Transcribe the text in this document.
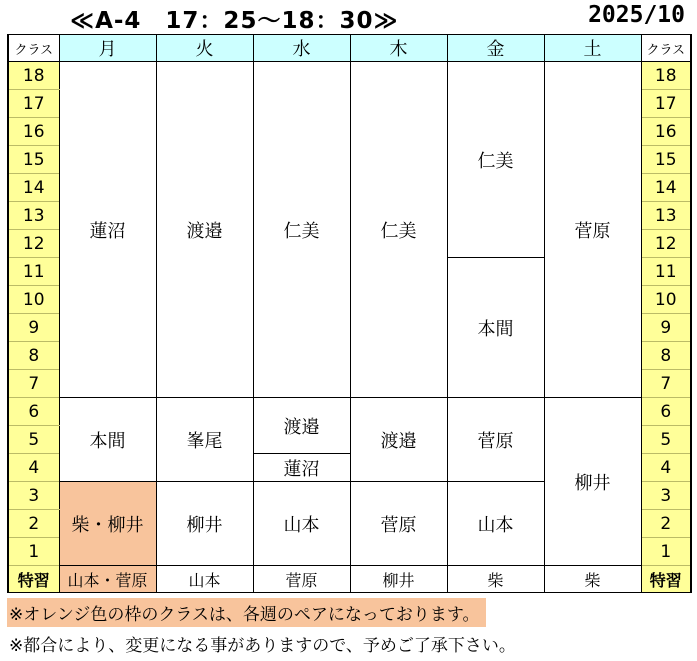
≪A-4　17：25〜18：30≫	2025/10
クラス	月	火	水	木	金	土	クラス
18	蓮沼	渡邉	仁美	仁美	仁美	菅原	18
17							17
16							16
15							15
14							14
13							13
12							12
11					本間		11
10							10
9							9
8							8
7							7
6	本間	峯尾	渡邉	渡邉	菅原	柳井	6
5							5
4			蓮沼				4
3	柴・柳井	柳井	山本	菅原	山本		3
2							2
1							1
特習	山本・菅原	山本	菅原	柳井	柴	柴	特習
※オレンジ色の枠のクラスは、各週のペアになっております。
※都合により、変更になる事がありますので、予めご了承下さい。
